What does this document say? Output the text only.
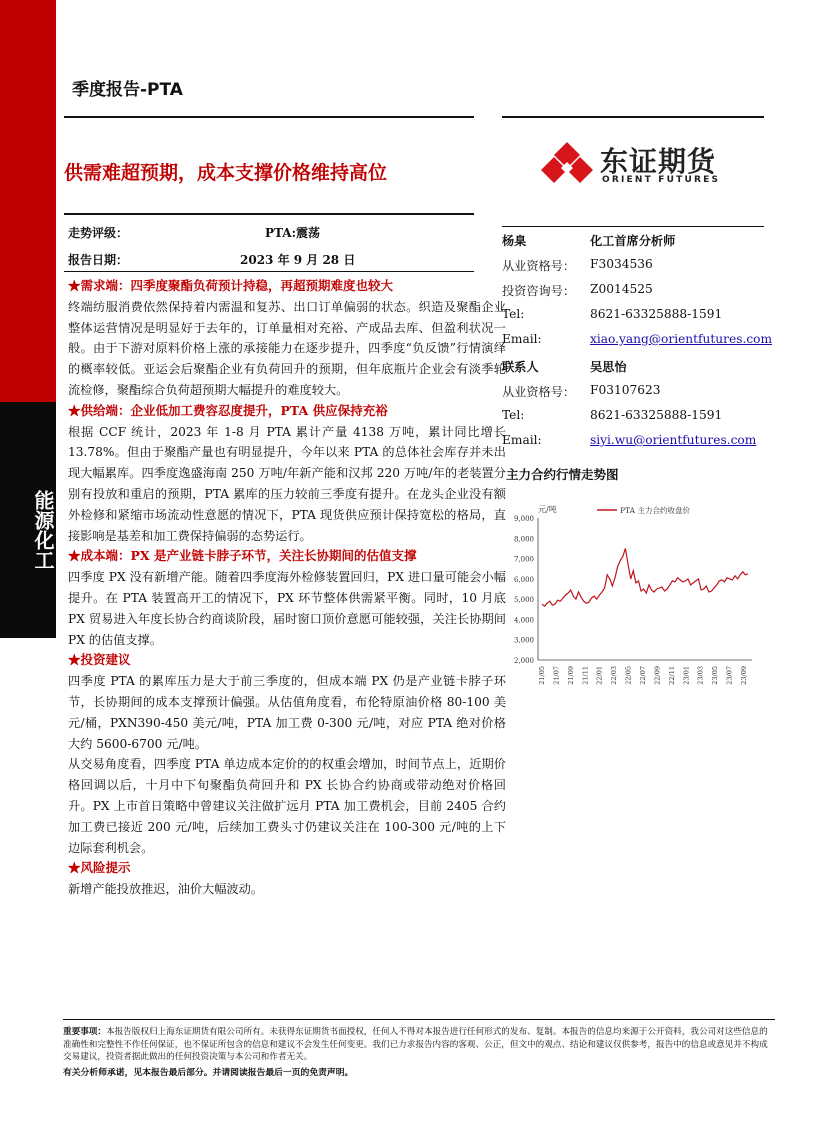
能源化工
季度报告-PTA
供需难超预期，成本支撑价格维持高位	东证期货
ORIENT FUTURES
走势评级：	PTA:震荡
报告日期：	2023 年 9 月 28 日
★需求端：四季度聚酯负荷预计持稳，再超预期难度也较大

终端纺服消费依然保持着内需温和复苏、出口订单偏弱的状态。织造及聚酯企业整体运营情况是明显好于去年的，订单量相对充裕、产成品去库、但盈利状况一般。由于下游对原料价格上涨的承接能力在逐步提升，四季度“负反馈”行情演绎的概率较低。亚运会后聚酯企业有负荷回升的预期，但年底瓶片企业会有淡季轮流检修，聚酯综合负荷超预期大幅提升的难度较大。

★供给端：企业低加工费容忍度提升，PTA 供应保持充裕

根据 CCF 统计，2023 年 1-8 月 PTA 累计产量 4138 万吨，累计同比增长 13.78%。但由于聚酯产量也有明显提升，今年以来 PTA 的总体社会库存并未出现大幅累库。四季度逸盛海南 250 万吨/年新产能和汉邦 220 万吨/年的老装置分别有投放和重启的预期，PTA 累库的压力较前三季度有提升。在龙头企业没有额外检修和紧缩市场流动性意愿的情况下，PTA 现货供应预计保持宽松的格局，直接影响是基差和加工费保持偏弱的态势运行。

★成本端：PX 是产业链卡脖子环节，关注长协期间的估值支撑

四季度 PX 没有新增产能。随着四季度海外检修装置回归，PX 进口量可能会小幅提升。在 PTA 装置高开工的情况下，PX 环节整体供需紧平衡。同时，10 月底 PX 贸易进入年度长协合约商谈阶段，届时窗口顶价意愿可能较强，关注长协期间 PX 的估值支撑。

★投资建议

四季度 PTA 的累库压力是大于前三季度的，但成本端 PX 仍是产业链卡脖子环节，长协期间的成本支撑预计偏强。从估值角度看，布伦特原油价格 80-100 美元/桶，PXN390-450 美元/吨，PTA 加工费 0-300 元/吨，对应 PTA 绝对价格大约 5600-6700 元/吨。

从交易角度看，四季度 PTA 单边成本定价的的权重会增加，时间节点上，近期价格回调以后，十月中下旬聚酯负荷回升和 PX 长协合约协商或带动绝对价格回升。PX 上市首日策略中曾建议关注做扩远月 PTA 加工费机会，目前 2405 合约加工费已接近 200 元/吨，后续加工费头寸仍建议关注在 100-300 元/吨的上下边际套利机会。

★风险提示

新增产能投放推迟，油价大幅波动。

杨臬	化工首席分析师
从业资格号： F3034536
投资咨询号： Z0014525
Tel:	8621-63325888-1591
Email:	xiao.yang@orientfutures.com
联系人	吴思怡
从业资格号： F03107623
Tel:	8621-63325888-1591
Email:	siyi.wu@orientfutures.com
主力合约行情走势图
元/吨
9,000
8,000
7,000
6,000
5,000
4,000
3,000
2,000
21/05 21/07 21/09 21/11 22/01 22/03 22/05 22/07 22/09 22/11 23/01 23/03 23/05 23/07 23/09
PTA 主力合约收盘价
重要事项：本报告版权归上海东证期货有限公司所有。未获得东证期货书面授权，任何人不得对本报告进行任何形式的发布、复制。本报告的信息均来源于公开资料，我公司对这些信息的准确性和完整性不作任何保证，也不保证所包含的信息和建议不会发生任何变更。我们已力求报告内容的客观、公正，但文中的观点、结论和建议仅供参考，报告中的信息或意见并不构成交易建议，投资者据此做出的任何投资决策与本公司和作者无关。
有关分析师承诺，见本报告最后部分。并请阅读报告最后一页的免责声明。
